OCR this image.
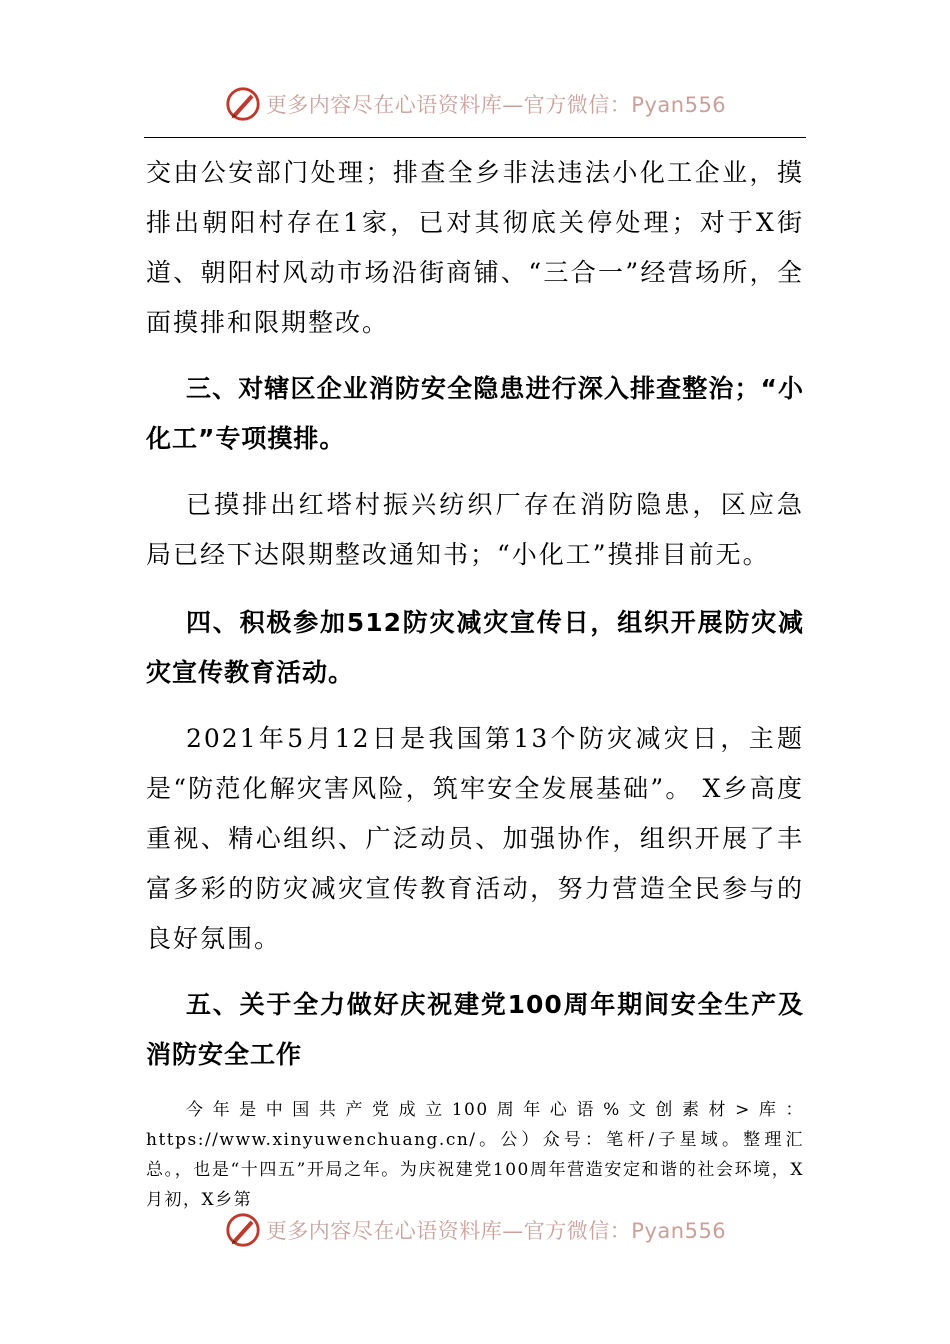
更多内容尽在心语资料库—官方微信：Pyan556

交由公安部门处理；排查全乡非法违法小化工企业，摸排出朝阳村存在1家，已对其彻底关停处理；对于X街道、朝阳村风动市场沿街商铺、“三合一”经营场所，全面摸排和限期整改。

三、对辖区企业消防安全隐患进行深入排查整治；“小化工”专项摸排。

已摸排出红塔村振兴纺织厂存在消防隐患，区应急局已经下达限期整改通知书；“小化工”摸排目前无。

四、积极参加512防灾减灾宣传日，组织开展防灾减灾宣传教育活动。

2021年5月12日是我国第13个防灾减灾日，主题是“防范化解灾害风险，筑牢安全发展基础”。 X乡高度重视、精心组织、广泛动员、加强协作，组织开展了丰富多彩的防灾减灾宣传教育活动，努力营造全民参与的良好氛围。

五、关于全力做好庆祝建党100周年期间安全生产及消防安全工作

今年是中国共产党成立100周年心语%文创素材>库：https://www.xinyuwenchuang.cn/。公）众号：笔杆/子星域。整理汇总。，也是“十四五”开局之年。为庆祝建党100周年营造安定和谐的社会环境，X月初，X乡第

更多内容尽在心语资料库—官方微信：Pyan556
